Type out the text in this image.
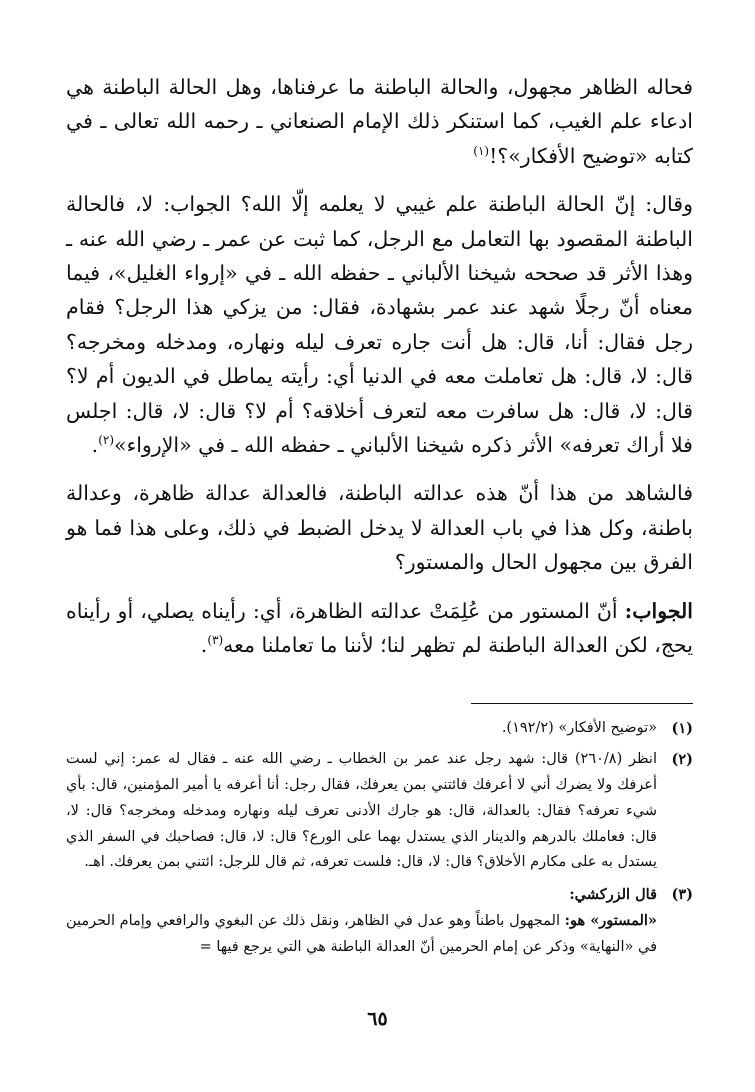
فحاله الظاهر مجهول، والحالة الباطنة ما عرفناها، وهل الحالة الباطنة هي ادعاء علم الغيب، كما استنكر ذلك الإمام الصنعاني ـ رحمه الله تعالى ـ في كتابه «توضيح الأفكار»؟!$^{(١)}$

وقال: إنّ الحالة الباطنة علم غيبي لا يعلمه إلّا الله؟ الجواب: لا، فالحالة الباطنة المقصود بها التعامل مع الرجل، كما ثبت عن عمر ـ رضي الله عنه ـ وهذا الأثر قد صححه شيخنا الألباني ـ حفظه الله ـ في «إرواء الغليل»، فيما معناه أنّ رجلًا شهد عند عمر بشهادة، فقال: من يزكي هذا الرجل؟ فقام رجل فقال: أنا، قال: هل أنت جاره تعرف ليله ونهاره، ومدخله ومخرجه؟ قال: لا، قال: هل تعاملت معه في الدنيا أي: رأيته يماطل في الديون أم لا؟ قال: لا، قال: هل سافرت معه لتعرف أخلاقه؟ أم لا؟ قال: لا، قال: اجلس فلا أراك تعرفه» الأثر ذكره شيخنا الألباني ـ حفظه الله ـ في «الإرواء»$^{(٢)}$.

فالشاهد من هذا أنّ هذه عدالته الباطنة، فالعدالة عدالة ظاهرة، وعدالة باطنة، وكل هذا في باب العدالة لا يدخل الضبط في ذلك، وعلى هذا فما هو الفرق بين مجهول الحال والمستور؟

الجواب: أنّ المستور من عُلِمَتْ عدالته الظاهرة، أي: رأيناه يصلي، أو رأيناه يحج، لكن العدالة الباطنة لم تظهر لنا؛ لأننا ما تعاملنا معه$^{(٣)}$.

(١)
«توضيح الأفكار» (١٩٢/٢).
(٢)
انظر (٢٦٠/٨) قال: شهد رجل عند عمر بن الخطاب ـ رضي الله عنه ـ فقال له عمر: إني لست أعرفك ولا يضرك أني لا أعرفك فائتني بمن يعرفك، فقال رجل: أنا أعرفه يا أمير المؤمنين، قال: بأي شيء تعرفه؟ فقال: بالعدالة، قال: هو جارك الأدنى تعرف ليله ونهاره ومدخله ومخرجه؟ قال: لا، قال: فعاملك بالدرهم والدينار الذي يستدل بهما على الورع؟ قال: لا، قال: فصاحبك في السفر الذي يستدل به على مكارم الأخلاق؟ قال: لا، قال: فلست تعرفه، ثم قال للرجل: ائتني بمن يعرفك. اهـ.
(٣)
قال الزركشي:
«المستور» هو: المجهول باطناً وهو عدل في الظاهر، ونقل ذلك عن البغوي والرافعي وإمام الحرمين في «النهاية» وذكر عن إمام الحرمين أنّ العدالة الباطنة هي التي يرجع فيها =
٦٥
